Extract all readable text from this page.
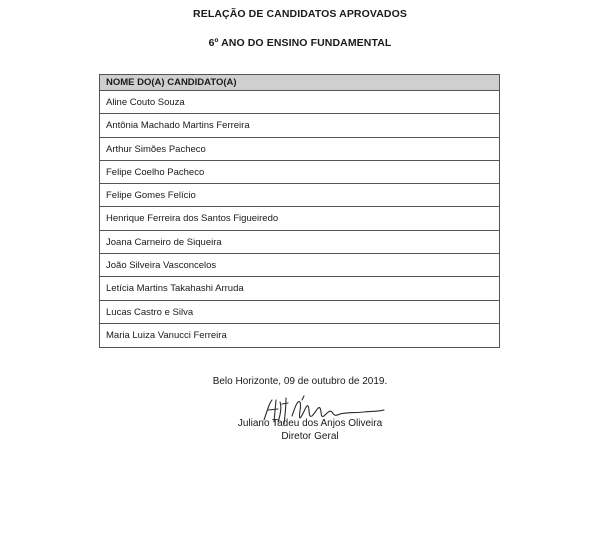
RELAÇÃO DE CANDIDATOS APROVADOS
6º ANO DO ENSINO FUNDAMENTAL
NOME DO(A) CANDIDATO(A)
Aline Couto Souza
Antônia Machado Martins Ferreira
Arthur Simões Pacheco
Felipe Coelho Pacheco
Felipe Gomes Felício
Henrique Ferreira dos Santos Figueiredo
Joana Carneiro de Siqueira
João Silveira Vasconcelos
Letícia Martins Takahashi Arruda
Lucas Castro e Silva
Maria Luiza Vanucci Ferreira
Belo Horizonte, 09 de outubro de 2019.
Juliano Tadeu dos Anjos Oliveira
Diretor Geral
